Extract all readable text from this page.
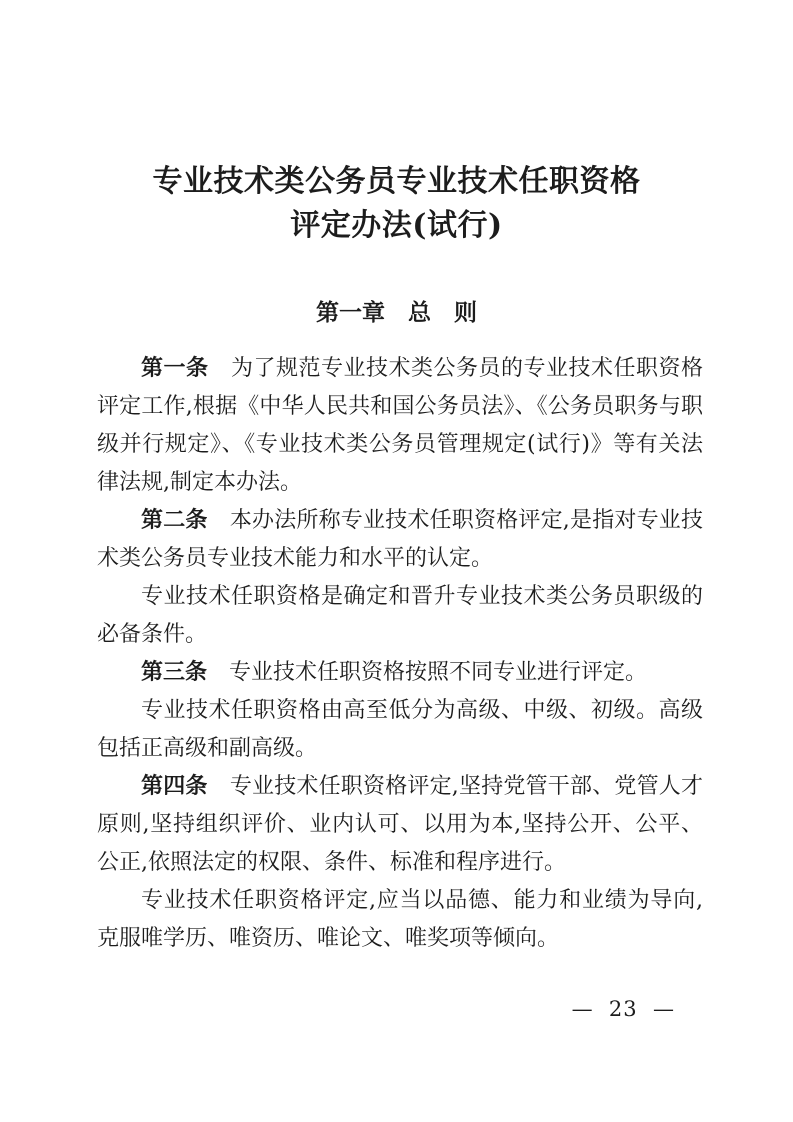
专业技术类公务员专业技术任职资格
评定办法(试行)
第一章　总　则

第一条　为了规范专业技术类公务员的专业技术任职资格评定工作,根据《中华人民共和国公务员法》、《公务员职务与职级并行规定》、《专业技术类公务员管理规定(试行)》等有关法律法规,制定本办法。

第二条　本办法所称专业技术任职资格评定,是指对专业技术类公务员专业技术能力和水平的认定。

专业技术任职资格是确定和晋升专业技术类公务员职级的必备条件。

第三条　专业技术任职资格按照不同专业进行评定。

专业技术任职资格由高至低分为高级、中级、初级。高级包括正高级和副高级。

第四条　专业技术任职资格评定,坚持党管干部、党管人才原则,坚持组织评价、业内认可、以用为本,坚持公开、公平、公正,依照法定的权限、条件、标准和程序进行。

专业技术任职资格评定,应当以品德、能力和业绩为导向,克服唯学历、唯资历、唯论文、唯奖项等倾向。

—  23  —
